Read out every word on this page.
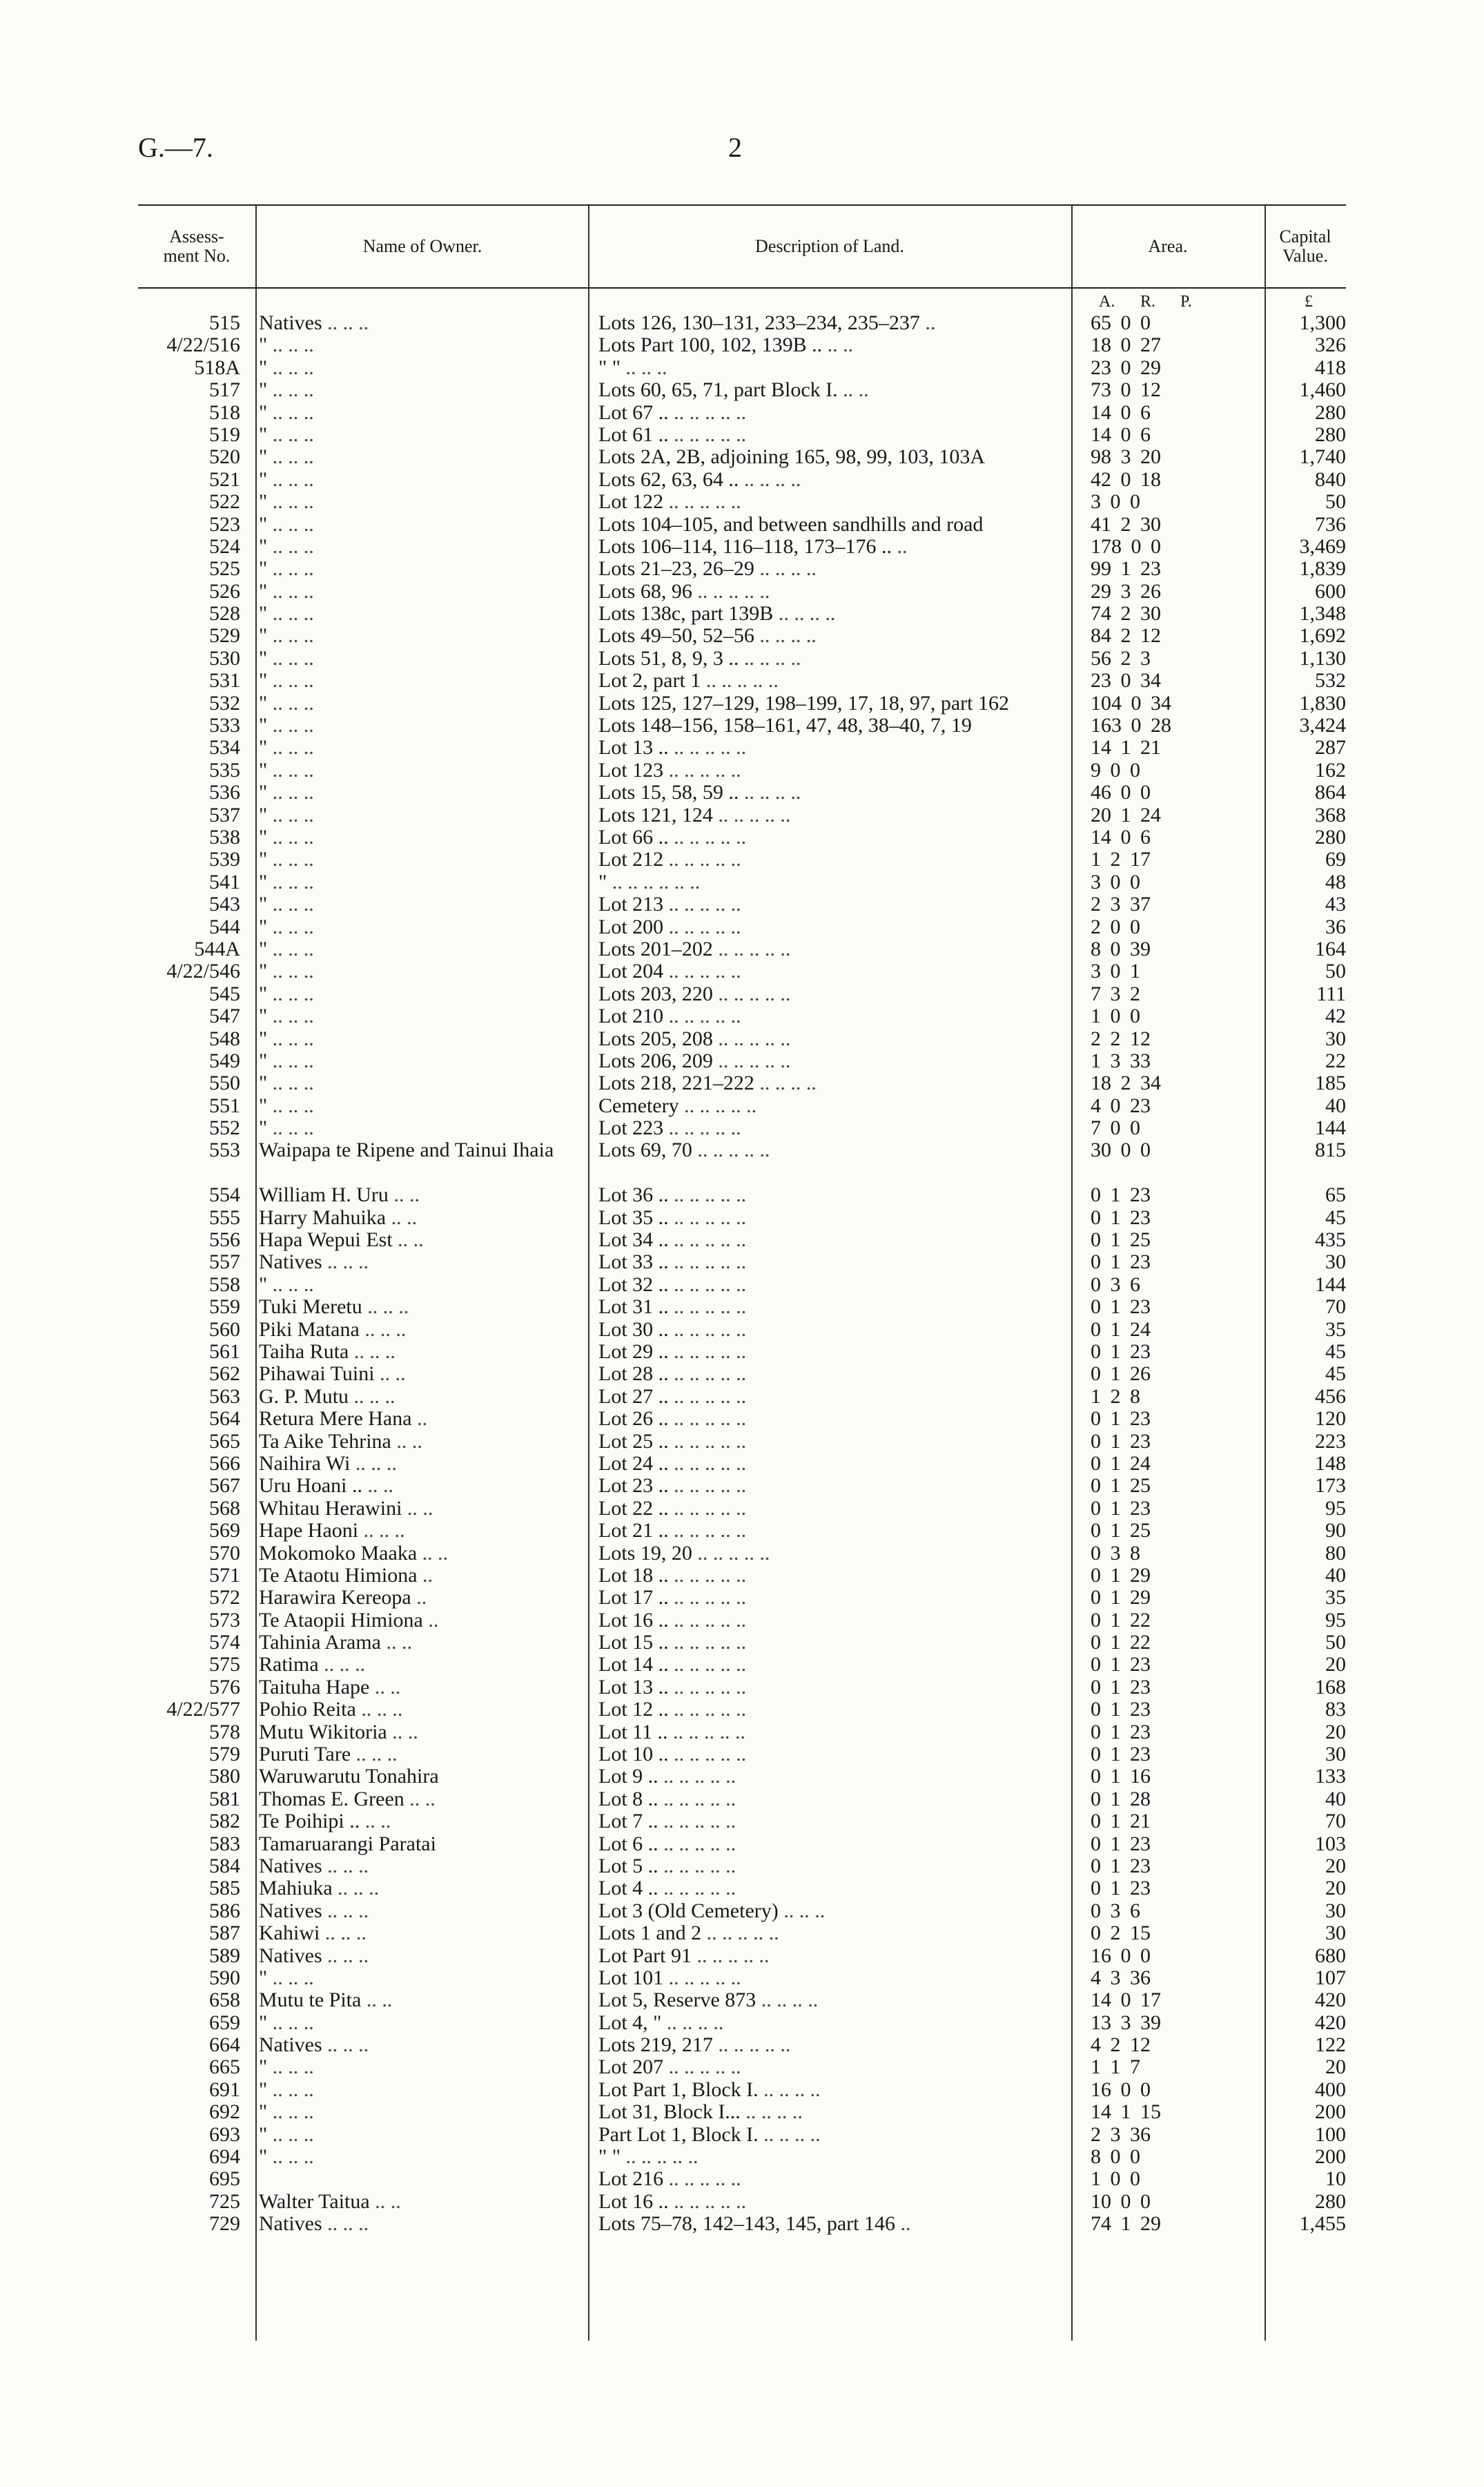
G.—7.	2
Assess-
ment No.	Name of Owner.	Description of Land.	Area.	Capital
Value.
A. R. P.	£
515 Natives .. .. ..	Lots 126, 130–131, 233–234, 235–237 ..	65 0 0	1,300
4/22/516 " .. .. ..	Lots Part 100, 102, 139B .. .. ..	18 0 27	326
518A " .. .. ..	" " .. .. ..	23 0 29	418
517 " .. .. ..	Lots 60, 65, 71, part Block I. .. ..	73 0 12	1,460
518 " .. .. ..	Lot 67 .. .. .. .. .. ..	14 0 6	280
519 " .. .. ..	Lot 61 .. .. .. .. .. ..	14 0 6	280
520 " .. .. ..	Lots 2A, 2B, adjoining 165, 98, 99, 103, 103A	98 3 20	1,740
521 " .. .. ..	Lots 62, 63, 64 .. .. .. .. ..	42 0 18	840
522 " .. .. ..	Lot 122 .. .. .. .. ..	3 0 0	50
523 " .. .. ..	Lots 104–105, and between sandhills and road	41 2 30	736
524 " .. .. ..	Lots 106–114, 116–118, 173–176 .. ..	178 0 0	3,469
525 " .. .. ..	Lots 21–23, 26–29 .. .. .. ..	99 1 23	1,839
526 " .. .. ..	Lots 68, 96 .. .. .. .. ..	29 3 26	600
528 " .. .. ..	Lots 138c, part 139B .. .. .. ..	74 2 30	1,348
529 " .. .. ..	Lots 49–50, 52–56 .. .. .. ..	84 2 12	1,692
530 " .. .. ..	Lots 51, 8, 9, 3 .. .. .. .. ..	56 2 3	1,130
531 " .. .. ..	Lot 2, part 1 .. .. .. .. ..	23 0 34	532
532 " .. .. ..	Lots 125, 127–129, 198–199, 17, 18, 97, part 162	104 0 34	1,830
533 " .. .. ..	Lots 148–156, 158–161, 47, 48, 38–40, 7, 19	163 0 28	3,424
534 " .. .. ..	Lot 13 .. .. .. .. .. ..	14 1 21	287
535 " .. .. ..	Lot 123 .. .. .. .. ..	9 0 0	162
536 " .. .. ..	Lots 15, 58, 59 .. .. .. .. ..	46 0 0	864
537 " .. .. ..	Lots 121, 124 .. .. .. .. ..	20 1 24	368
538 " .. .. ..	Lot 66 .. .. .. .. .. ..	14 0 6	280
539 " .. .. ..	Lot 212 .. .. .. .. ..	1 2 17	69
541 " .. .. ..	" .. .. .. .. .. ..	3 0 0	48
543 " .. .. ..	Lot 213 .. .. .. .. ..	2 3 37	43
544 " .. .. ..	Lot 200 .. .. .. .. ..	2 0 0	36
544A " .. .. ..	Lots 201–202 .. .. .. .. ..	8 0 39	164
4/22/546 " .. .. ..	Lot 204 .. .. .. .. ..	3 0 1	50
545 " .. .. ..	Lots 203, 220 .. .. .. .. ..	7 3 2	111
547 " .. .. ..	Lot 210 .. .. .. .. ..	1 0 0	42
548 " .. .. ..	Lots 205, 208 .. .. .. .. ..	2 2 12	30
549 " .. .. ..	Lots 206, 209 .. .. .. .. ..	1 3 33	22
550 " .. .. ..	Lots 218, 221–222 .. .. .. ..	18 2 34	185
551 " .. .. ..	Cemetery .. .. .. .. ..	4 0 23	40
552 " .. .. ..	Lot 223 .. .. .. .. ..	7 0 0	144
553 Waipapa te Ripene and Tainui Ihaia	Lots 69, 70 .. .. .. .. ..	30 0 0	815
554 William H. Uru .. ..	Lot 36 .. .. .. .. .. ..	0 1 23	65
555 Harry Mahuika .. ..	Lot 35 .. .. .. .. .. ..	0 1 23	45
556 Hapa Wepui Est .. ..	Lot 34 .. .. .. .. .. ..	0 1 25	435
557 Natives .. .. ..	Lot 33 .. .. .. .. .. ..	0 1 23	30
558 " .. .. ..	Lot 32 .. .. .. .. .. ..	0 3 6	144
559 Tuki Meretu .. .. ..	Lot 31 .. .. .. .. .. ..	0 1 23	70
560 Piki Matana .. .. ..	Lot 30 .. .. .. .. .. ..	0 1 24	35
561 Taiha Ruta .. .. ..	Lot 29 .. .. .. .. .. ..	0 1 23	45
562 Pihawai Tuini .. ..	Lot 28 .. .. .. .. .. ..	0 1 26	45
563 G. P. Mutu .. .. ..	Lot 27 .. .. .. .. .. ..	1 2 8	456
564 Retura Mere Hana ..	Lot 26 .. .. .. .. .. ..	0 1 23	120
565 Ta Aike Tehrina .. ..	Lot 25 .. .. .. .. .. ..	0 1 23	223
566 Naihira Wi .. .. ..	Lot 24 .. .. .. .. .. ..	0 1 24	148
567 Uru Hoani .. .. ..	Lot 23 .. .. .. .. .. ..	0 1 25	173
568 Whitau Herawini .. ..	Lot 22 .. .. .. .. .. ..	0 1 23	95
569 Hape Haoni .. .. ..	Lot 21 .. .. .. .. .. ..	0 1 25	90
570 Mokomoko Maaka .. ..	Lots 19, 20 .. .. .. .. ..	0 3 8	80
571 Te Ataotu Himiona ..	Lot 18 .. .. .. .. .. ..	0 1 29	40
572 Harawira Kereopa ..	Lot 17 .. .. .. .. .. ..	0 1 29	35
573 Te Ataopii Himiona ..	Lot 16 .. .. .. .. .. ..	0 1 22	95
574 Tahinia Arama .. ..	Lot 15 .. .. .. .. .. ..	0 1 22	50
575 Ratima .. .. ..	Lot 14 .. .. .. .. .. ..	0 1 23	20
576 Taituha Hape .. ..	Lot 13 .. .. .. .. .. ..	0 1 23	168
4/22/577 Pohio Reita .. .. ..	Lot 12 .. .. .. .. .. ..	0 1 23	83
578 Mutu Wikitoria .. ..	Lot 11 .. .. .. .. .. ..	0 1 23	20
579 Puruti Tare .. .. ..	Lot 10 .. .. .. .. .. ..	0 1 23	30
580 Waruwarutu Tonahira	Lot 9 .. .. .. .. .. ..	0 1 16	133
581 Thomas E. Green .. ..	Lot 8 .. .. .. .. .. ..	0 1 28	40
582 Te Poihipi .. .. ..	Lot 7 .. .. .. .. .. ..	0 1 21	70
583 Tamaruarangi Paratai	Lot 6 .. .. .. .. .. ..	0 1 23	103
584 Natives .. .. ..	Lot 5 .. .. .. .. .. ..	0 1 23	20
585 Mahiuka .. .. ..	Lot 4 .. .. .. .. .. ..	0 1 23	20
586 Natives .. .. ..	Lot 3 (Old Cemetery) .. .. ..	0 3 6	30
587 Kahiwi .. .. ..	Lots 1 and 2 .. .. .. .. ..	0 2 15	30
589 Natives .. .. ..	Lot Part 91 .. .. .. .. ..	16 0 0	680
590 " .. .. ..	Lot 101 .. .. .. .. ..	4 3 36	107
658 Mutu te Pita .. ..	Lot 5, Reserve 873 .. .. .. ..	14 0 17	420
659 " .. .. ..	Lot 4, " .. .. .. ..	13 3 39	420
664 Natives .. .. ..	Lots 219, 217 .. .. .. .. ..	4 2 12	122
665 " .. .. ..	Lot 207 .. .. .. .. ..	1 1 7	20
691 " .. .. ..	Lot Part 1, Block I. .. .. .. ..	16 0 0	400
692 " .. .. ..	Lot 31, Block I... .. .. .. ..	14 1 15	200
693 " .. .. ..	Part Lot 1, Block I. .. .. .. ..	2 3 36	100
694 " .. .. ..	" " .. .. .. .. ..	8 0 0	200
695	Lot 216 .. .. .. .. ..	1 0 0	10
725 Walter Taitua .. ..	Lot 16 .. .. .. .. .. ..	10 0 0	280
729 Natives .. .. ..	Lots 75–78, 142–143, 145, part 146 ..	74 1 29	1,455
